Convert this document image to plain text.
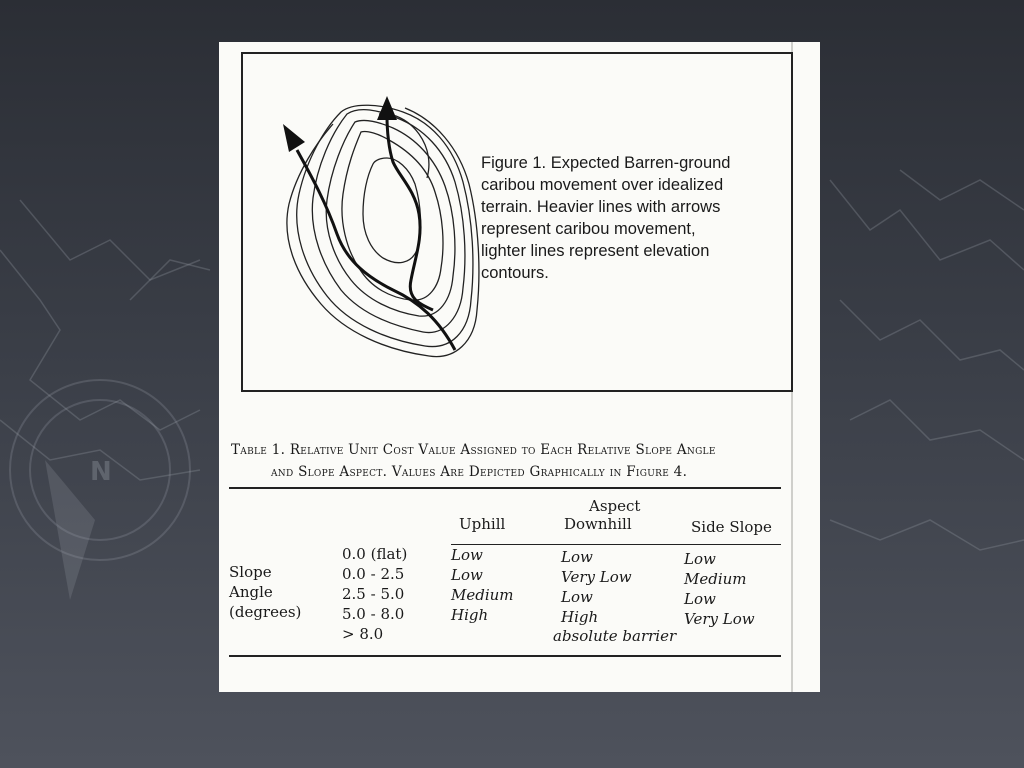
N
Figure 1. Expected Barren-ground
caribou movement over idealized
terrain. Heavier lines with arrows
represent caribou movement,
lighter lines represent elevation
contours.
Table 1. Relative Unit Cost Value Assigned to Each Relative Slope Angle
and Slope Aspect. Values Are Depicted Graphically in Figure 4.
Aspect
Uphill	Downhill	Side Slope
Slope
Angle
(degrees)
0.0 (flat)
0.0 - 2.5
2.5 - 5.0
5.0 - 8.0
> 8.0
Low
Low
Medium
High
Low
Very Low
Low
High
absolute barrier
Low
Medium
Low
Very Low
